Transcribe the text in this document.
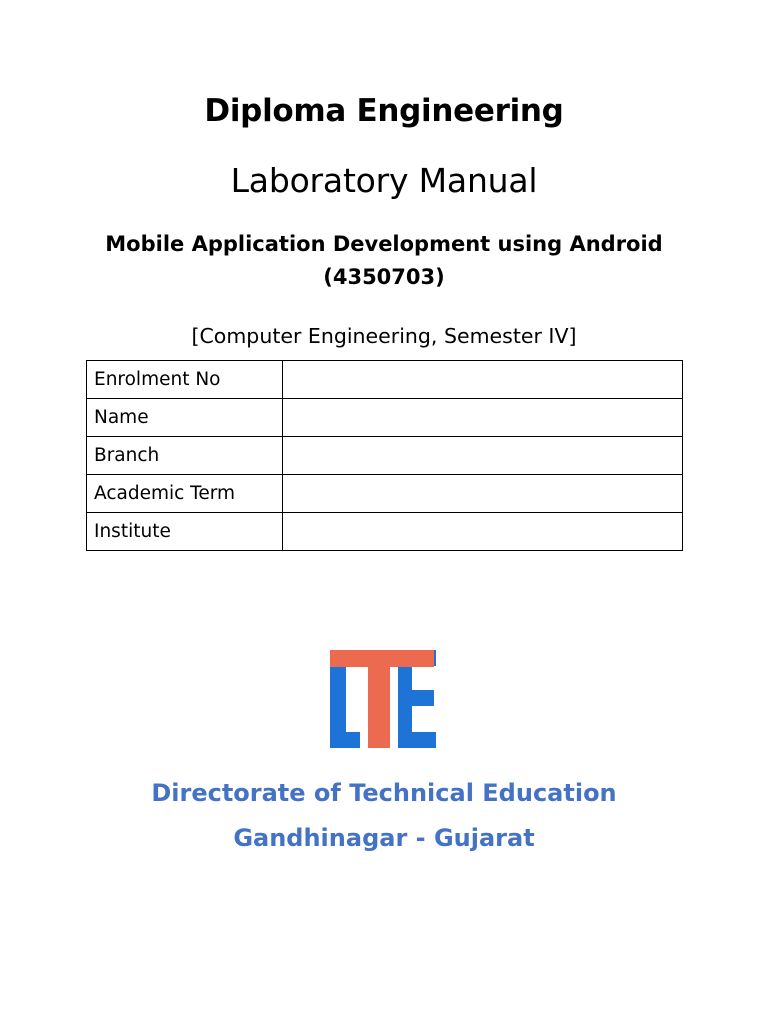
Diploma Engineering
Laboratory Manual
Mobile Application Development using Android
(4350703)
[Computer Engineering, Semester IV]
Enrolment No	
Name	
Branch	
Academic Term	
Institute	
Directorate of Technical Education
Gandhinagar - Gujarat
